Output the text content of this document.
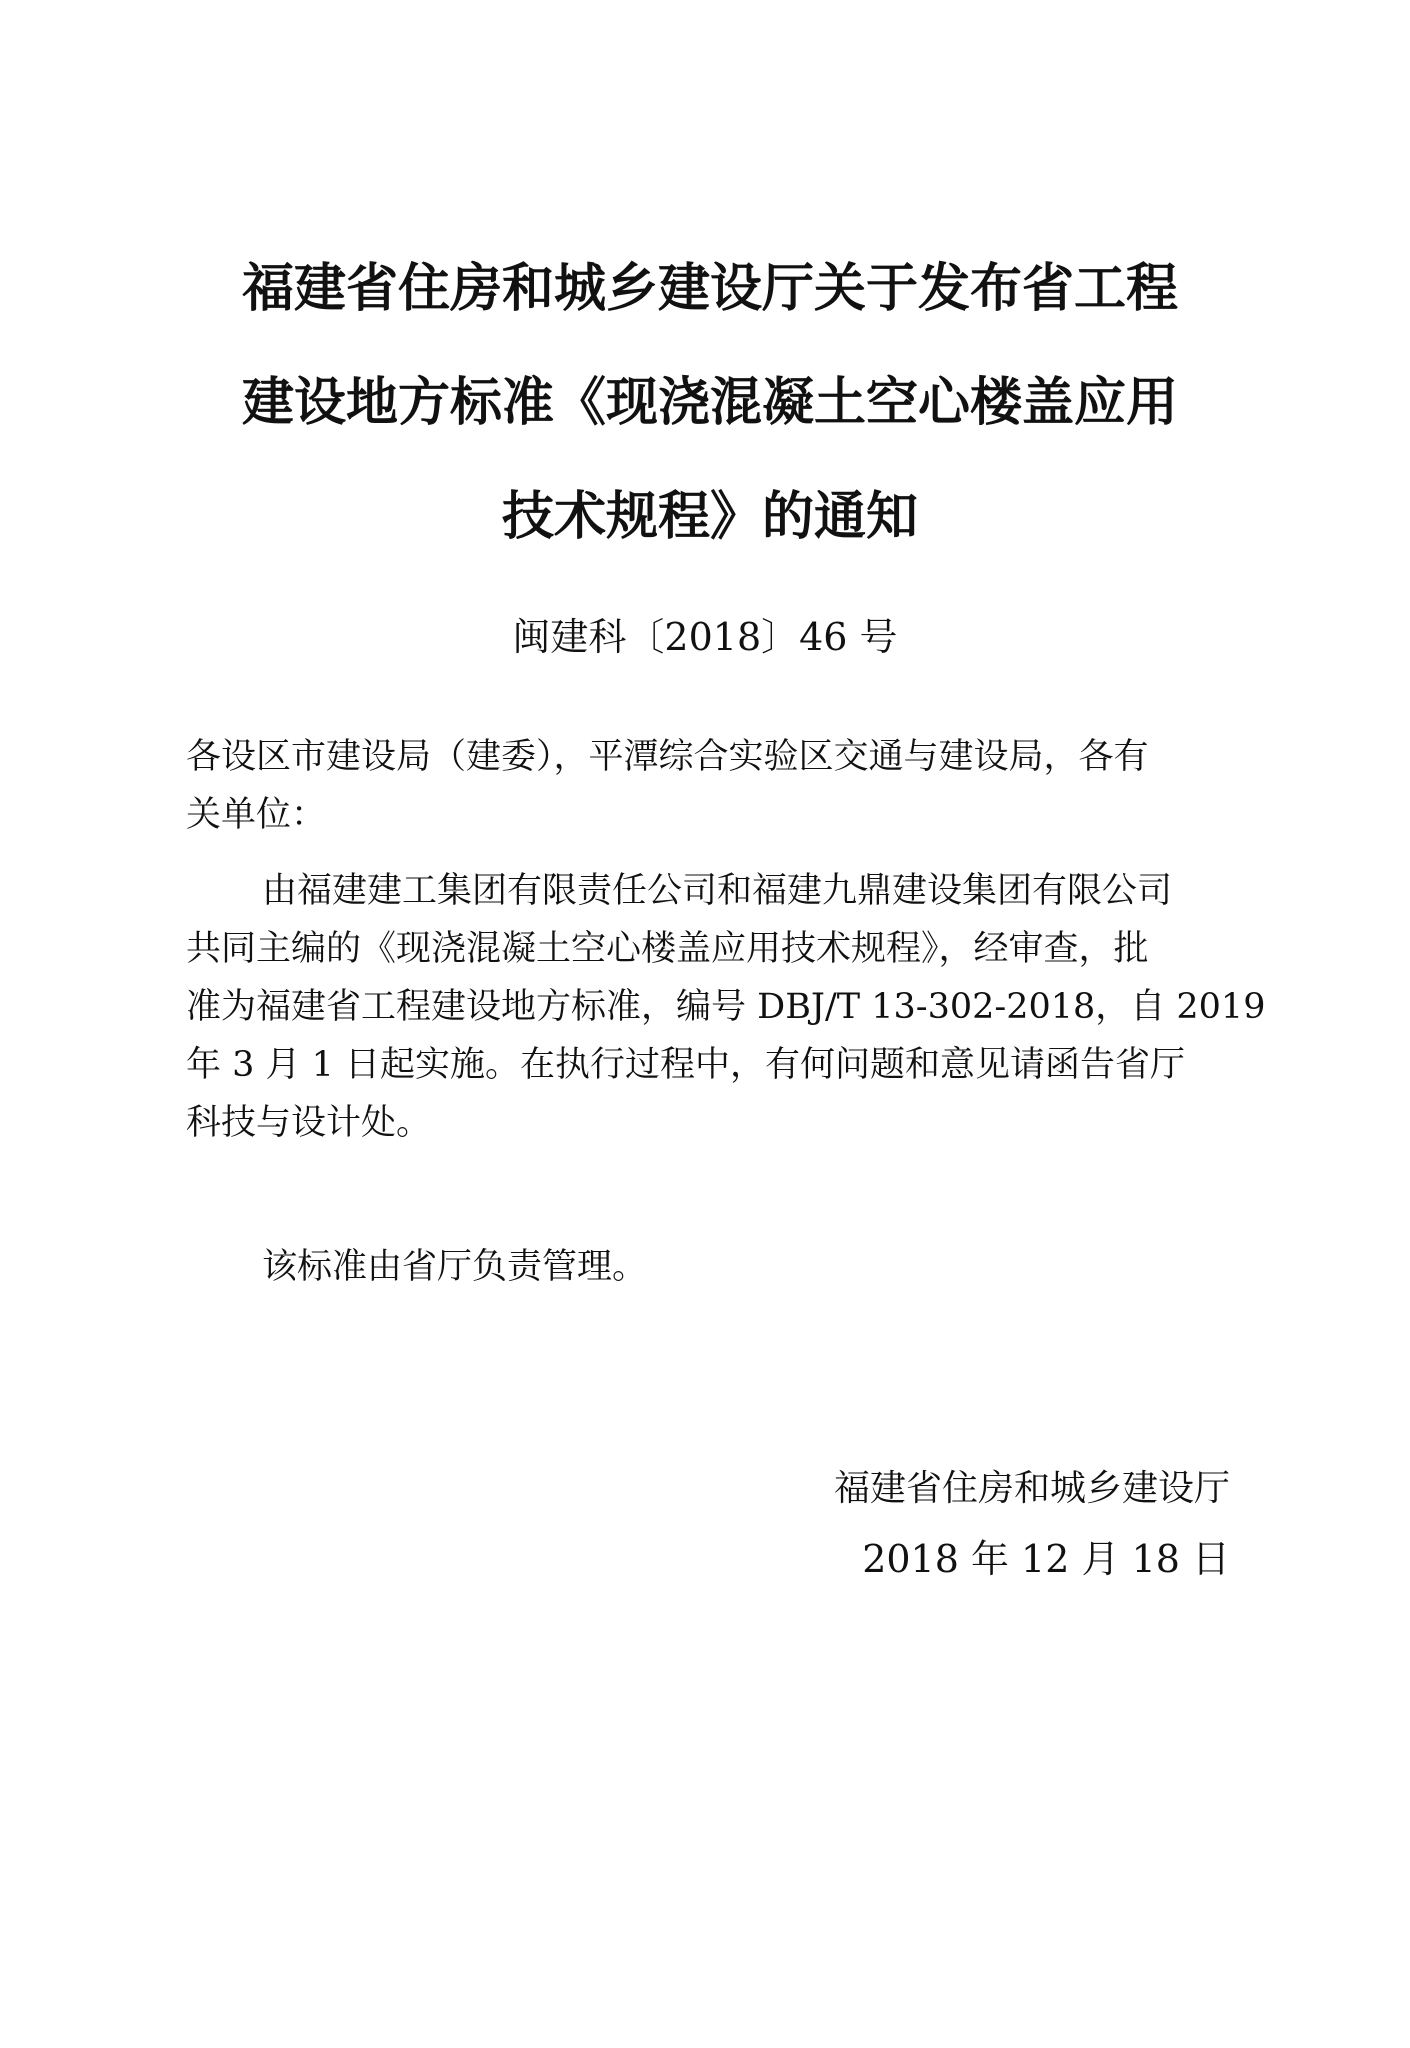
福建省住房和城乡建设厅关于发布省工程
建设地方标准《现浇混凝土空心楼盖应用
技术规程》的通知
闽建科〔2018〕46 号
各设区市建设局（建委），平潭综合实验区交通与建设局，各有
关单位：
由福建建工集团有限责任公司和福建九鼎建设集团有限公司
共同主编的《现浇混凝土空心楼盖应用技术规程》，经审查，批
准为福建省工程建设地方标准，编号 DBJ/T 13-302-2018，自 2019
年 3 月 1 日起实施。在执行过程中，有何问题和意见请函告省厅
科技与设计处。
该标准由省厅负责管理。
福建省住房和城乡建设厅
2018 年 12 月 18 日
